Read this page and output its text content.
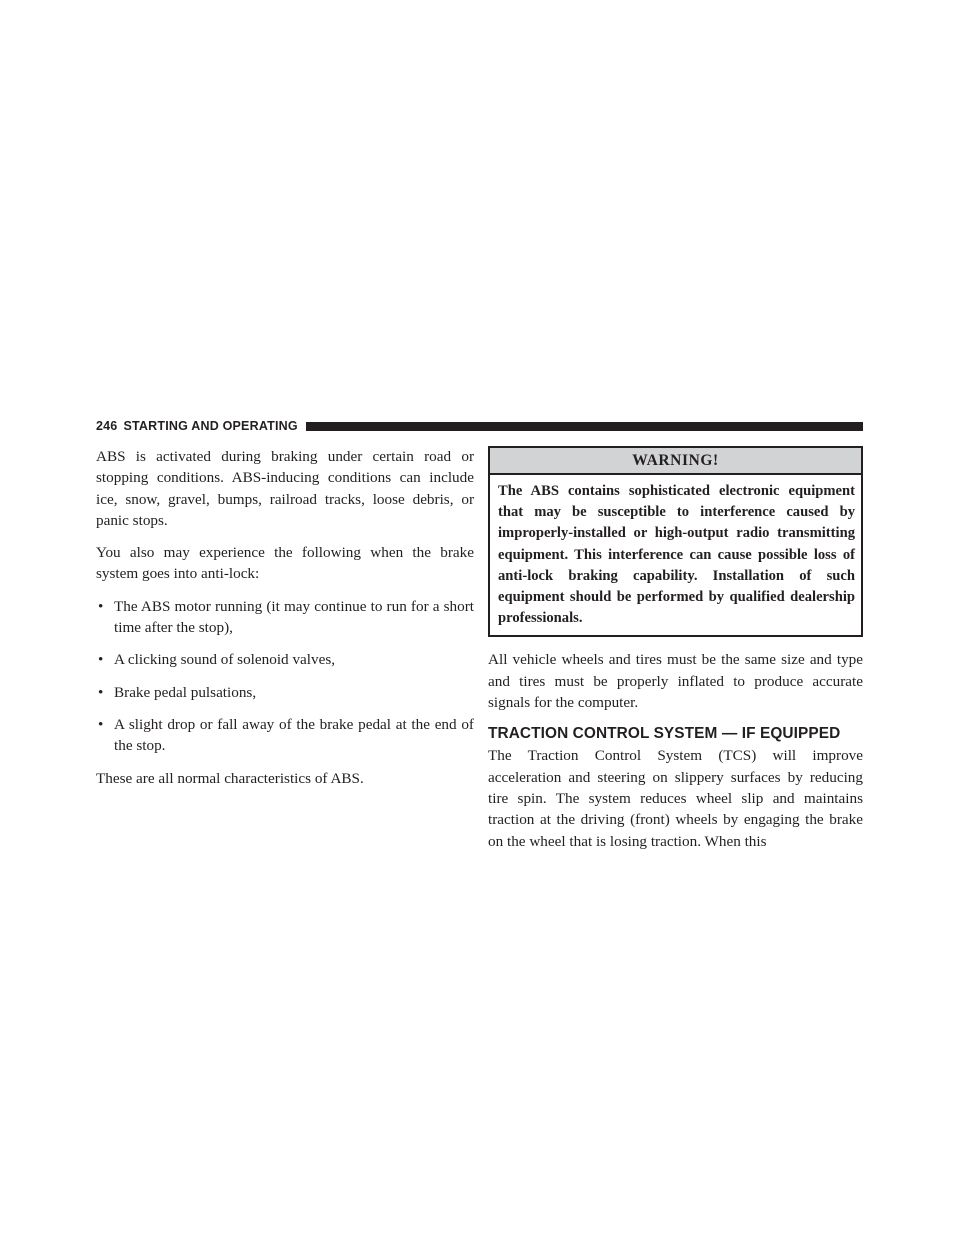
246 STARTING AND OPERATING

ABS is activated during braking under certain road or stopping conditions. ABS-inducing conditions can include ice, snow, gravel, bumps, railroad tracks, loose debris, or panic stops.

You also may experience the following when the brake system goes into anti-lock:

• The ABS motor running (it may continue to run for a short time after the stop),
• A clicking sound of solenoid valves,
• Brake pedal pulsations,
• A slight drop or fall away of the brake pedal at the end of the stop.

These are all normal characteristics of ABS.

WARNING!
The ABS contains sophisticated electronic equipment that may be susceptible to interference caused by improperly-installed or high-output radio transmitting equipment. This interference can cause possible loss of anti-lock braking capability. Installation of such equipment should be performed by qualified dealership professionals.

All vehicle wheels and tires must be the same size and type and tires must be properly inflated to produce accurate signals for the computer.

TRACTION CONTROL SYSTEM — IF EQUIPPED

The Traction Control System (TCS) will improve acceleration and steering on slippery surfaces by reducing tire spin. The system reduces wheel slip and maintains traction at the driving (front) wheels by engaging the brake on the wheel that is losing traction. When this
